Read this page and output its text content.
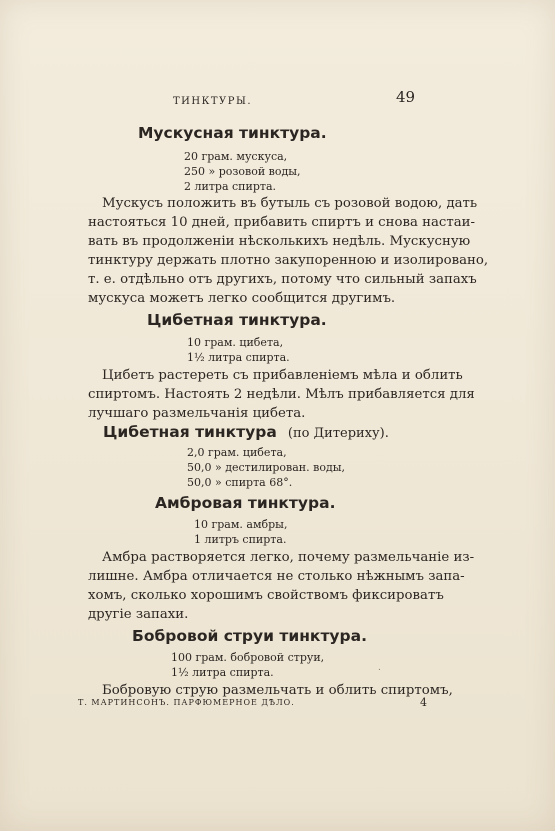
ТИНКТУРЫ.	49
Мускусная тинктура.
20 грам. мускуса,
250 » розовой воды,
2 литра спирта.
Мускусъ положить въ бутыль съ розовой водою, дать
настояться 10 дней, прибавить спиртъ и снова настаи-
вать въ продолженіи нѣсколькихъ недѣль. Мускусную
тинктуру держать плотно закупоренною и изолировано,
т. е. отдѣльно отъ другихъ, потому что сильный запахъ
мускуса можетъ легко сообщится другимъ.
Цибетная тинктура.
10 грам. цибета,
1½ литра спирта.
Цибетъ растереть съ прибавленіемъ мѣла и облить
спиртомъ. Настоять 2 недѣли. Мѣлъ прибавляется для
лучшаго размельчанія цибета.
Цибетная тинктура (по Дитериху).
2,0 грам. цибета,
50,0 » дестилирован. воды,
50,0 » спирта 68°.
Амбровая тинктура.
10 грам. амбры,
1 литръ спирта.
Амбра растворяется легко, почему размельчаніе из-
лишне. Амбра отличается не столько нѣжнымъ запа-
хомъ, сколько хорошимъ свойствомъ фиксироватъ
другіе запахи.
Бобровой струи тинктура.
100 грам. бобровой струи,
1½ литра спирта.
Бобровую струю размельчать и облить спиртомъ,
.
Т. МАРТИНСОНЪ. ПАРФЮМЕРНОЕ ДѢЛО.	4
